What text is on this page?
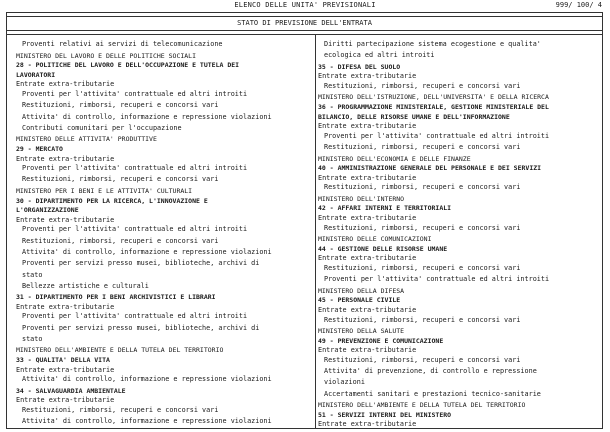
ELENCO DELLE UNITA' PREVISIONALI	999/ 100/ 4
STATO DI PREVISIONE DELL'ENTRATA
Proventi relativi ai servizi di telecomunicazione
MINISTERO DEL LAVORO E DELLE POLITICHE SOCIALI
28 - POLITICHE DEL LAVORO E DELL'OCCUPAZIONE E TUTELA DEI
LAVORATORI
Entrate extra-tributarie
Proventi per l'attivita' contrattuale ed altri introiti
Restituzioni, rimborsi, recuperi e concorsi vari
Attivita' di controllo, informazione e repressione violazioni
Contributi comunitari per l'occupazione
MINISTERO DELLE ATTIVITA' PRODUTTIVE
29 - MERCATO
Entrate extra-tributarie
Proventi per l'attivita' contrattuale ed altri introiti
Restituzioni, rimborsi, recuperi e concorsi vari
MINISTERO PER I BENI E LE ATTIVITA' CULTURALI
30 - DIPARTIMENTO PER LA RICERCA, L'INNOVAZIONE E
L'ORGANIZZAZIONE
Entrate extra-tributarie
Proventi per l'attivita' contrattuale ed altri introiti
Restituzioni, rimborsi, recuperi e concorsi vari
Attivita' di controllo, informazione e repressione violazioni
Proventi per servizi presso musei, biblioteche, archivi di
stato
Bellezze artistiche e culturali
31 - DIPARTIMENTO PER I BENI ARCHIVISTICI E LIBRARI
Entrate extra-tributarie
Proventi per l'attivita' contrattuale ed altri introiti
Proventi per servizi presso musei, biblioteche, archivi di
stato
MINISTERO DELL'AMBIENTE E DELLA TUTELA DEL TERRITORIO
33 - QUALITA' DELLA VITA
Entrate extra-tributarie
Attivita' di controllo, informazione e repressione violazioni
34 - SALVAGUARDIA AMBIENTALE
Entrate extra-tributarie
Restituzioni, rimborsi, recuperi e concorsi vari
Attivita' di controllo, informazione e repressione violazioni
Diritti partecipazione sistema ecogestione e qualita'
ecologica ed altri introiti
35 - DIFESA DEL SUOLO
Entrate extra-tributarie
Restituzioni, rimborsi, recuperi e concorsi vari
MINISTERO DELL'ISTRUZIONE, DELL'UNIVERSITA' E DELLA RICERCA
36 - PROGRAMMAZIONE MINISTERIALE, GESTIONE MINISTERIALE DEL
BILANCIO, DELLE RISORSE UMANE E DELL'INFORMAZIONE
Entrate extra-tributarie
Proventi per l'attivita' contrattuale ed altri introiti
Restituzioni, rimborsi, recuperi e concorsi vari
MINISTERO DELL'ECONOMIA E DELLE FINANZE
40 - AMMINISTRAZIONE GENERALE DEL PERSONALE E DEI SERVIZI
Entrate extra-tributarie
Restituzioni, rimborsi, recuperi e concorsi vari
MINISTERO DELL'INTERNO
42 - AFFARI INTERNI E TERRITORIALI
Entrate extra-tributarie
Restituzioni, rimborsi, recuperi e concorsi vari
MINISTERO DELLE COMUNICAZIONI
44 - GESTIONE DELLE RISORSE UMANE
Entrate extra-tributarie
Restituzioni, rimborsi, recuperi e concorsi vari
Proventi per l'attivita' contrattuale ed altri introiti
MINISTERO DELLA DIFESA
45 - PERSONALE CIVILE
Entrate extra-tributarie
Restituzioni, rimborsi, recuperi e concorsi vari
MINISTERO DELLA SALUTE
49 - PREVENZIONE E COMUNICAZIONE
Entrate extra-tributarie
Restituzioni, rimborsi, recuperi e concorsi vari
Attivita' di prevenzione, di controllo e repressione
violazioni
Accertamenti sanitari e prestazioni tecnico-sanitarie
MINISTERO DELL'AMBIENTE E DELLA TUTELA DEL TERRITORIO
51 - SERVIZI INTERNI DEL MINISTERO
Entrate extra-tributarie
